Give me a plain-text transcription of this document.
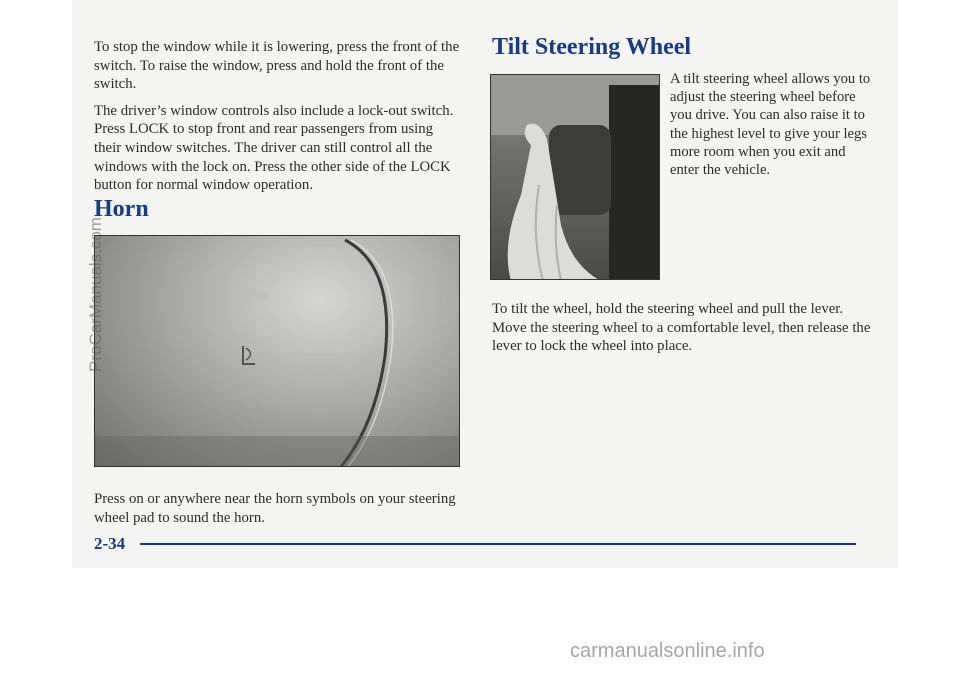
To stop the window while it is lowering, press the front of the switch. To raise the window, press and hold the front of the switch.

The driver’s window controls also include a lock-out switch. Press LOCK to stop front and rear passengers from using their window switches. The driver can still control all the windows with the lock on. Press the other side of the LOCK button for normal window operation.

Horn

Press on or anywhere near the horn symbols on your steering wheel pad to sound the horn.

Tilt Steering Wheel

A tilt steering wheel allows you to adjust the steering wheel before you drive. You can also raise it to the highest level to give your legs more room when you exit and enter the vehicle.

To tilt the wheel, hold the steering wheel and pull the lever. Move the steering wheel to a comfortable level, then release the lever to lock the wheel into place.

2-34
ProCarManuals.com
carmanualsonline.info
